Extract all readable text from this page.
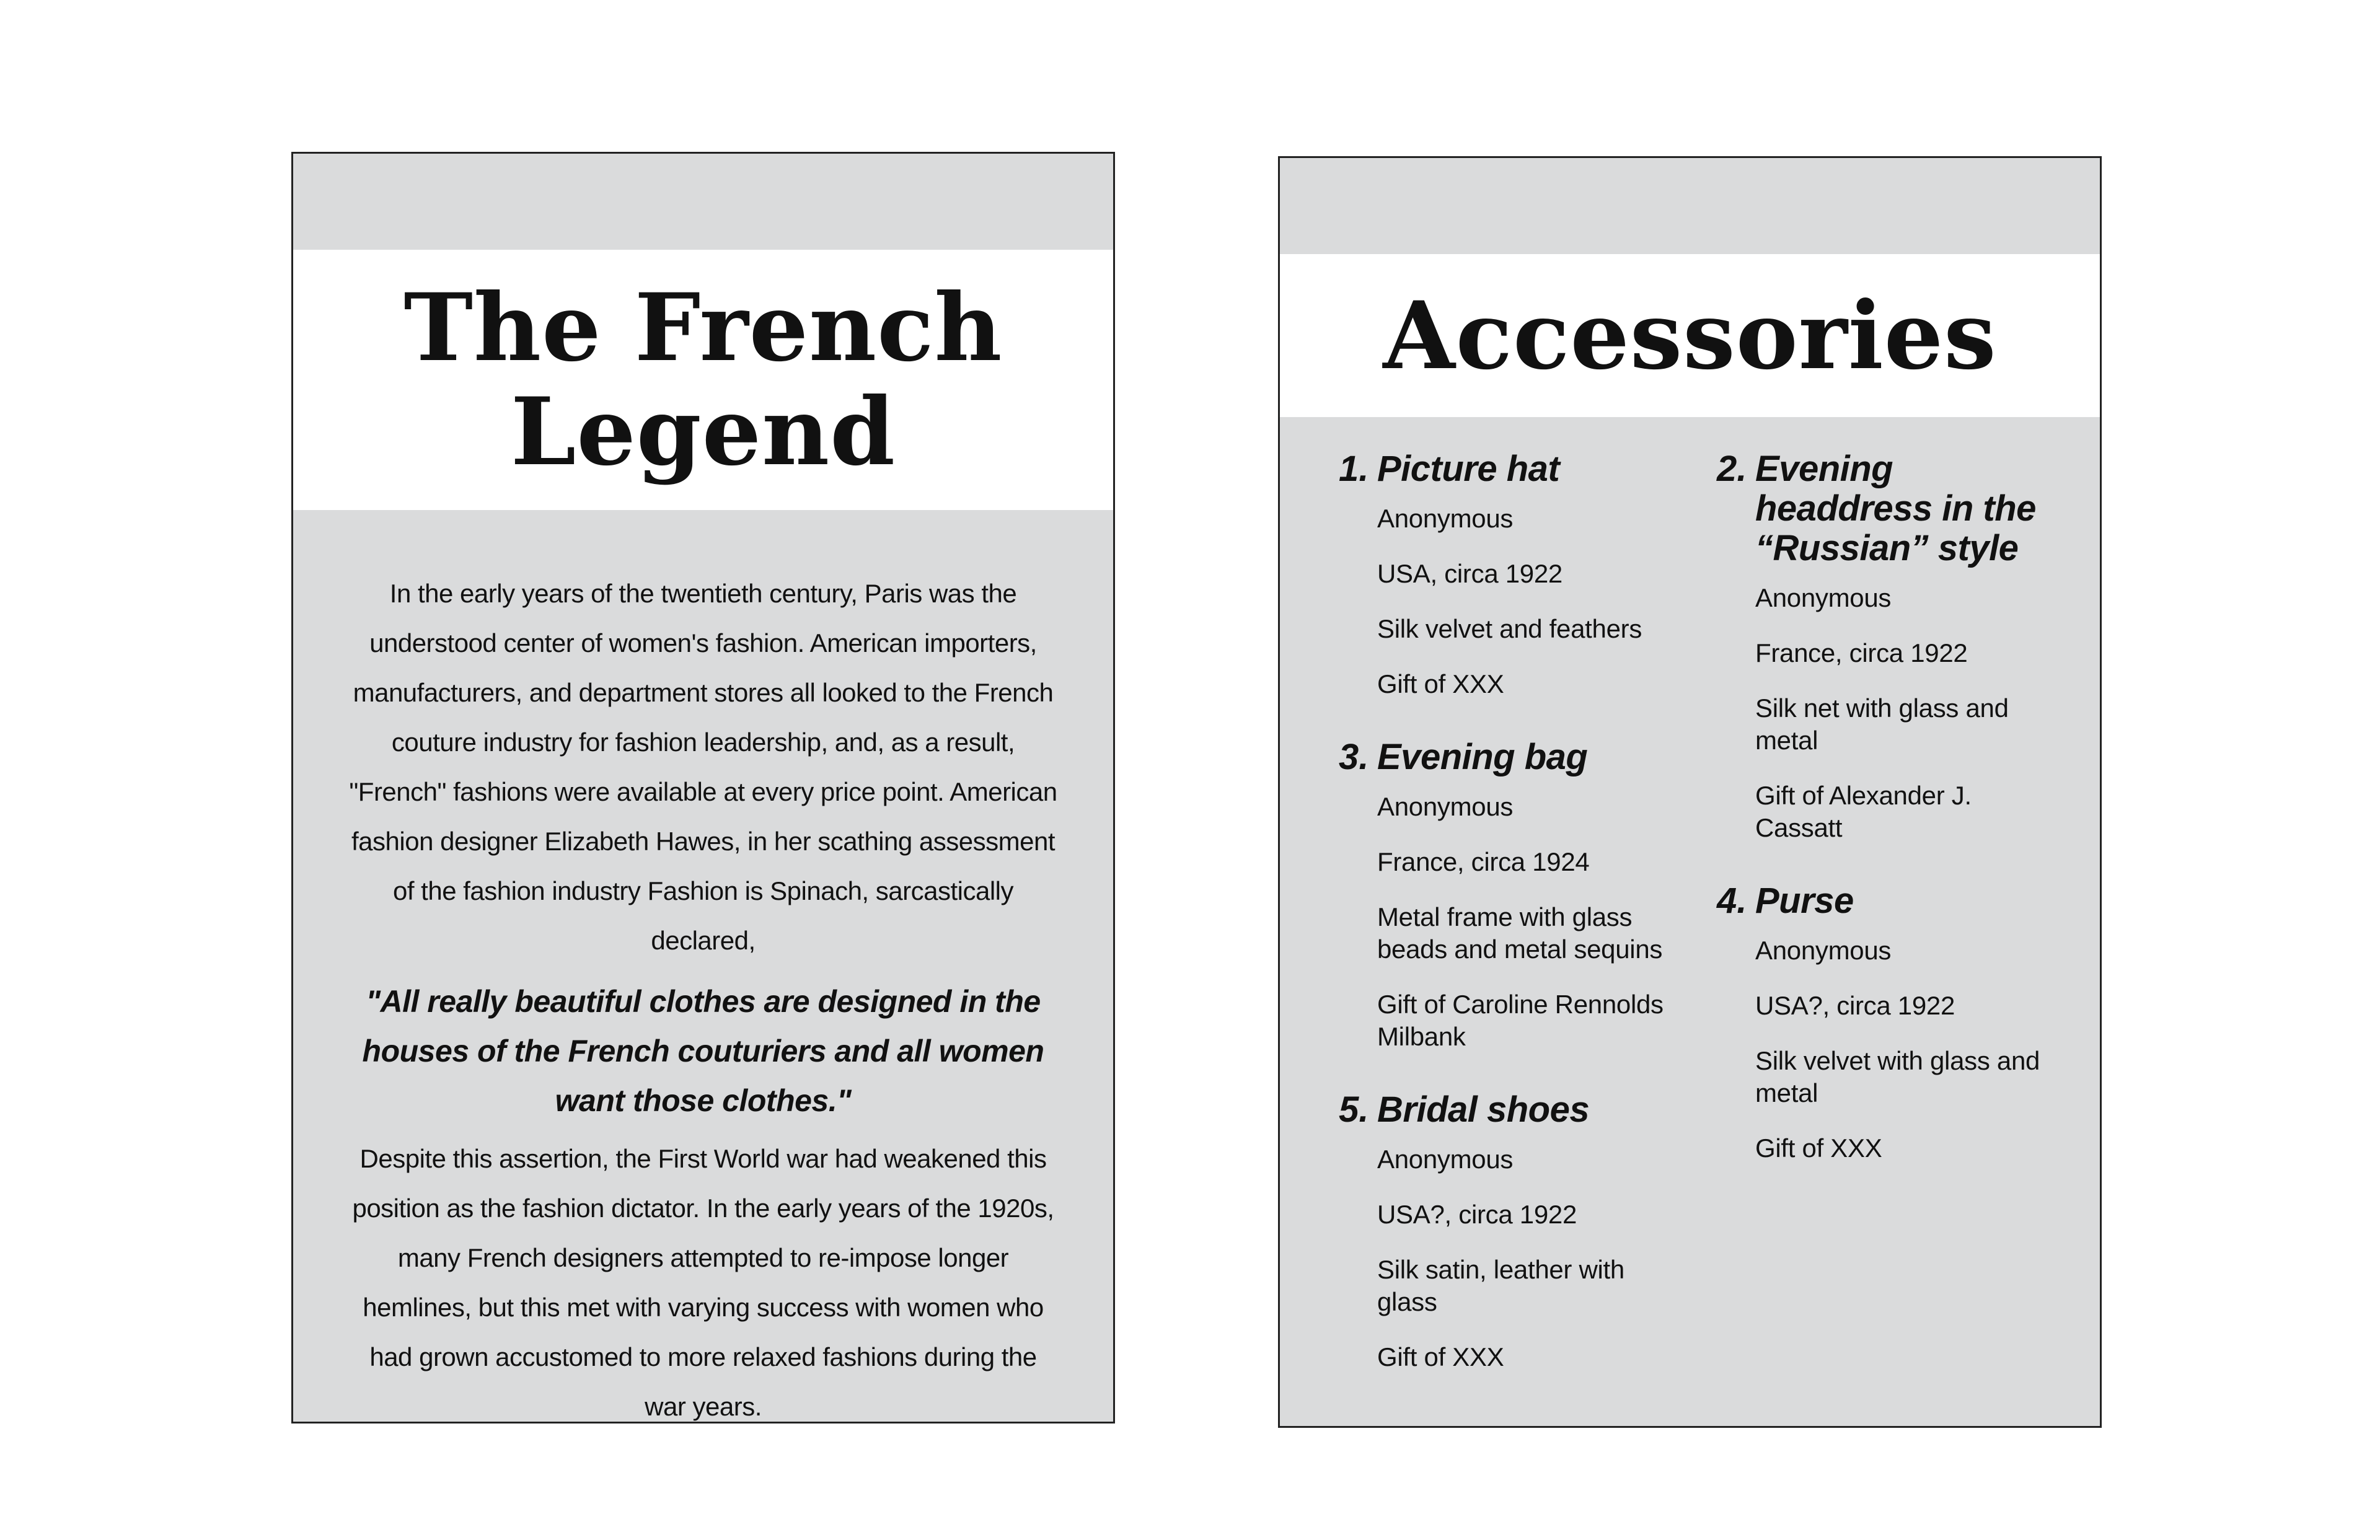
The French
Legend

In the early years of the twentieth century, Paris was the understood center of women's fashion. American importers, manufacturers, and department stores all looked to the French couture industry for fashion leadership, and, as a result, "French" fashions were available at every price point. American fashion designer Elizabeth Hawes, in her scathing assessment of the fashion industry Fashion is Spinach, sarcastically declared,

"All really beautiful clothes are designed in the houses of the French couturiers and all women want those clothes."

Despite this assertion, the First World war had weakened this position as the fashion dictator. In the early years of the 1920s, many French designers attempted to re-impose longer hemlines, but this met with varying success with women who had grown accustomed to more relaxed fashions during the war years.

Accessories
1. Picture hat
Anonymous
USA, circa 1922
Silk velvet and feathers
Gift of XXX
3. Evening bag
Anonymous
France, circa 1924
Metal frame with glass beads and metal sequins
Gift of Caroline Rennolds Milbank
5. Bridal shoes
Anonymous
USA?, circa 1922
Silk satin, leather with glass
Gift of XXX
2. Evening headdress in the “Russian” style
Anonymous
France, circa 1922
Silk net with glass and metal
Gift of Alexander J. Cassatt
4. Purse
Anonymous
USA?, circa 1922
Silk velvet with glass and metal
Gift of XXX
